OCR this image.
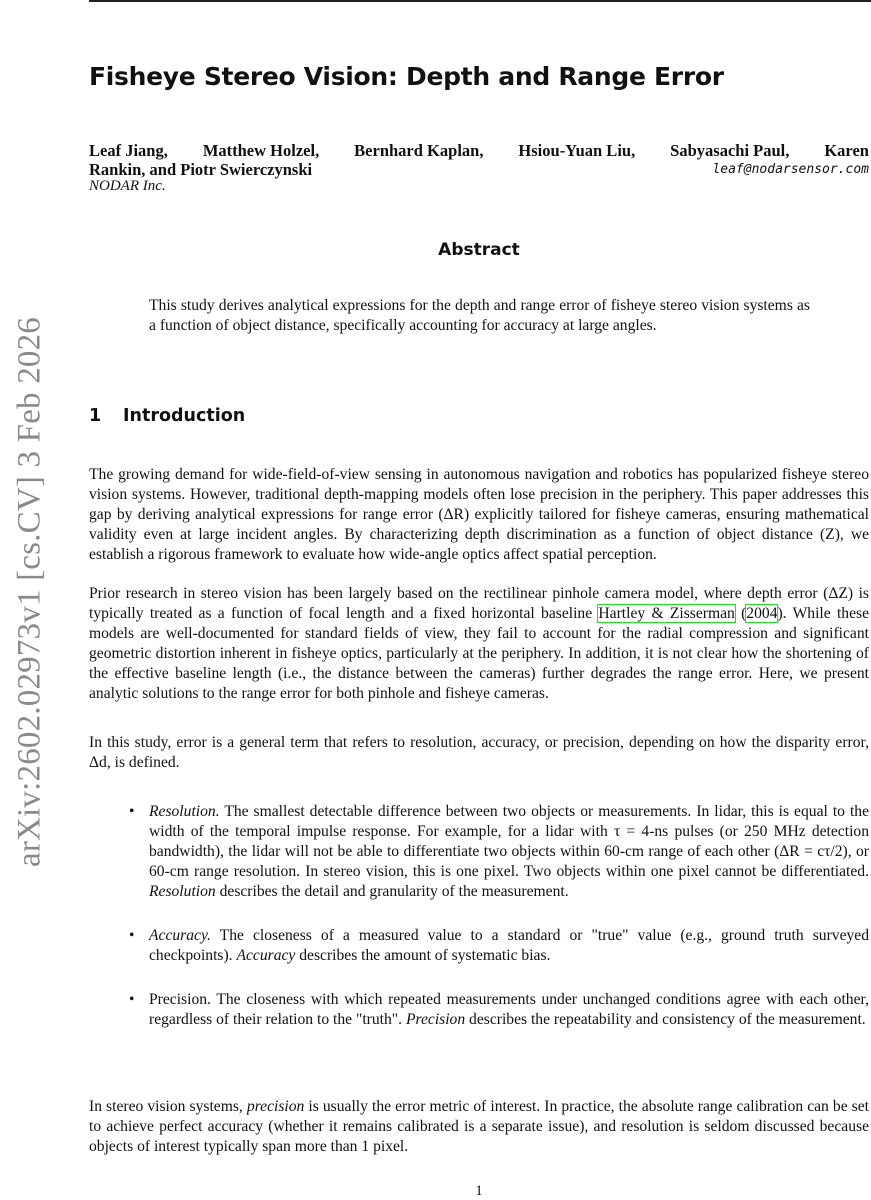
arXiv:2602.02973v1 [cs.CV] 3 Feb 2026
Fisheye Stereo Vision: Depth and Range Error
Leaf Jiang, Matthew Holzel, Bernhard Kaplan, Hsiou-Yuan Liu, Sabyasachi Paul, Karen
Rankin, and Piotr Swierczynski	leaf@nodarsensor.com
NODAR Inc.
Abstract
This study derives analytical expressions for the depth and range error of fisheye stereo vision systems as a function of object distance, specifically accounting for accuracy at large angles.
1 Introduction
The growing demand for wide-field-of-view sensing in autonomous navigation and robotics has popularized fisheye stereo vision systems. However, traditional depth-mapping models often lose precision in the periphery. This paper addresses this gap by deriving analytical expressions for range error (ΔR) explicitly tailored for fisheye cameras, ensuring mathematical validity even at large incident angles. By characterizing depth discrimination as a function of object distance (Z), we establish a rigorous framework to evaluate how wide-angle optics affect spatial perception.
Prior research in stereo vision has been largely based on the rectilinear pinhole camera model, where depth error (ΔZ) is typically treated as a function of focal length and a fixed horizontal baseline Hartley & Zisserman (2004). While these models are well-documented for standard fields of view, they fail to account for the radial compression and significant geometric distortion inherent in fisheye optics, particularly at the periphery. In addition, it is not clear how the shortening of the effective baseline length (i.e., the distance between the cameras) further degrades the range error. Here, we present analytic solutions to the range error for both pinhole and fisheye cameras.
In this study, error is a general term that refers to resolution, accuracy, or precision, depending on how the disparity error, Δd, is defined.
• Resolution. The smallest detectable difference between two objects or measurements. In lidar, this is equal to the width of the temporal impulse response. For example, for a lidar with τ = 4-ns pulses (or 250 MHz detection bandwidth), the lidar will not be able to differentiate two objects within 60-cm range of each other (ΔR = cτ/2), or 60-cm range resolution. In stereo vision, this is one pixel. Two objects within one pixel cannot be differentiated. Resolution describes the detail and granularity of the measurement.
• Accuracy. The closeness of a measured value to a standard or "true" value (e.g., ground truth surveyed checkpoints). Accuracy describes the amount of systematic bias.
• Precision. The closeness with which repeated measurements under unchanged conditions agree with each other, regardless of their relation to the "truth". Precision describes the repeatability and consistency of the measurement.
In stereo vision systems, precision is usually the error metric of interest. In practice, the absolute range calibration can be set to achieve perfect accuracy (whether it remains calibrated is a separate issue), and resolution is seldom discussed because objects of interest typically span more than 1 pixel.
1
